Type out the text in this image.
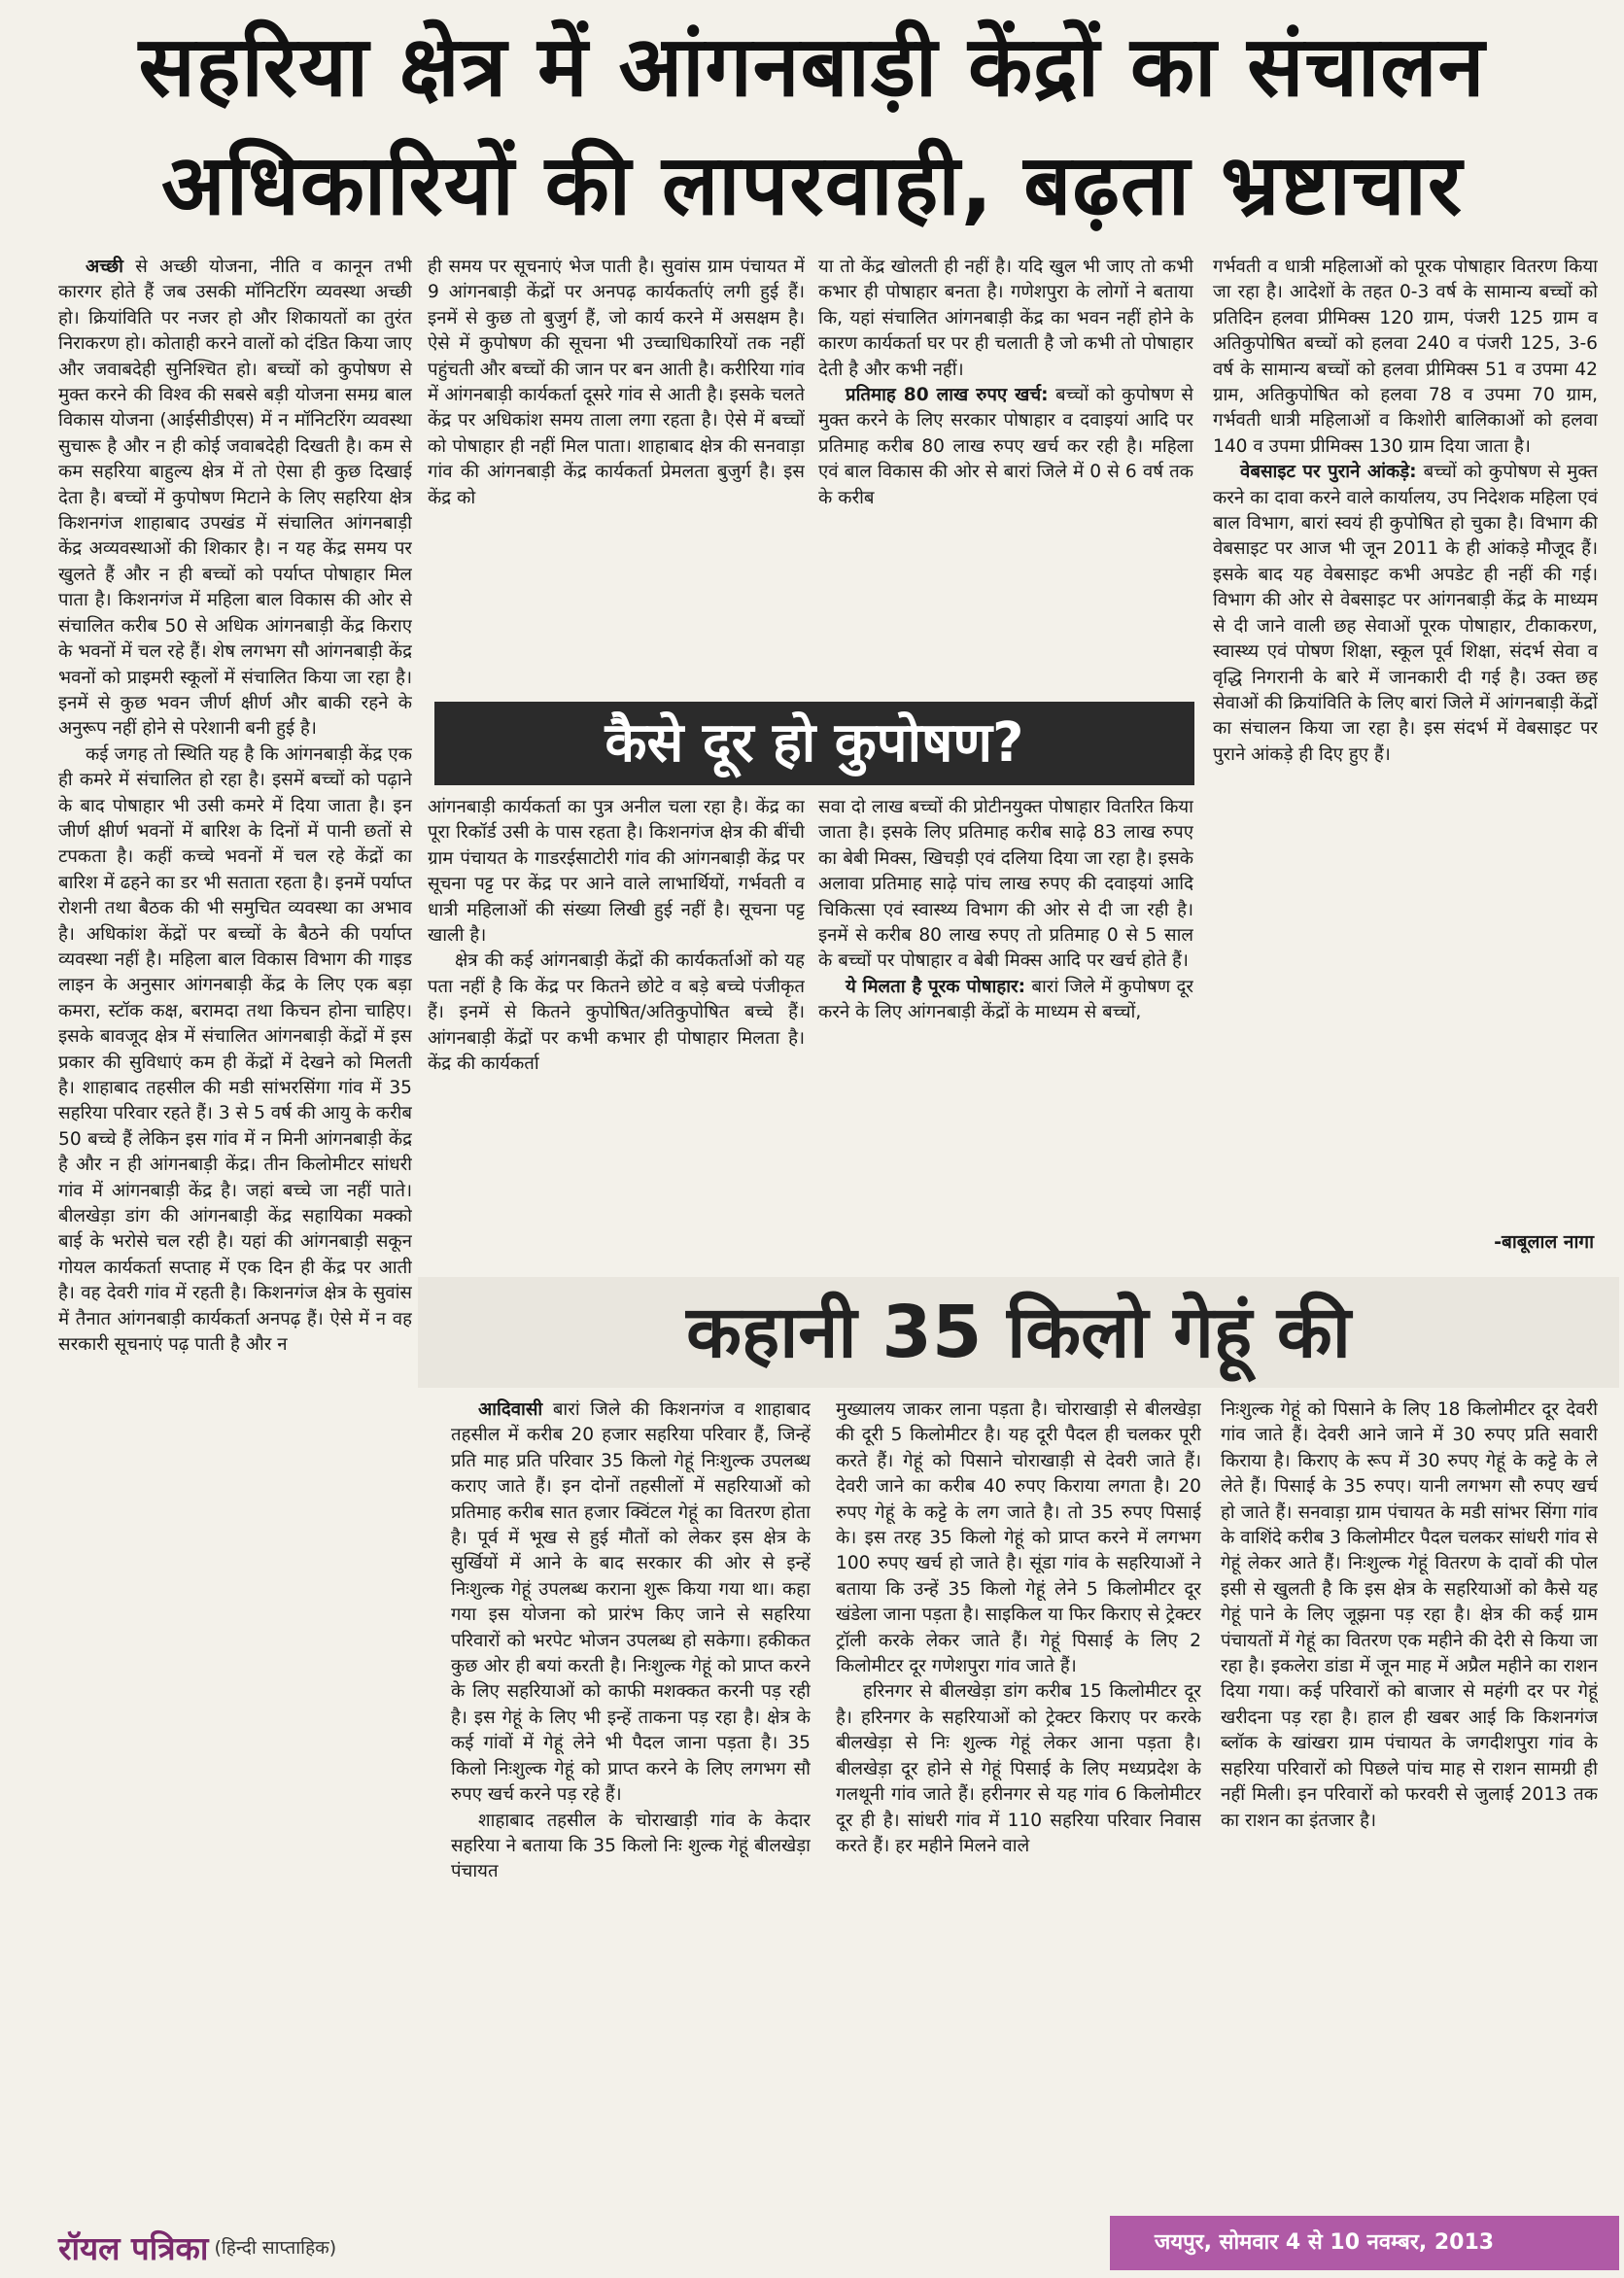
सहरिया क्षेत्र में आंगनबाड़ी केंद्रों का संचालन
अधिकारियों की लापरवाही, बढ़ता भ्रष्टाचार

अच्छी से अच्छी योजना, नीति व कानून तभी कारगर होते हैं जब उसकी मॉनिटरिंग व्यवस्था अच्छी हो। क्रियांविति पर नजर हो और शिकायतों का तुरंत निराकरण हो। कोताही करने वालों को दंडित किया जाए और जवाबदेही सुनिश्चित हो। बच्चों को कुपोषण से मुक्त करने की विश्व की सबसे बड़ी योजना समग्र बाल विकास योजना (आईसीडीएस) में न मॉनिटरिंग व्यवस्था सुचारू है और न ही कोई जवाबदेही दिखती है। कम से कम सहरिया बाहुल्य क्षेत्र में तो ऐसा ही कुछ दिखाई देता है। बच्चों में कुपोषण मिटाने के लिए सहरिया क्षेत्र किशनगंज शाहाबाद उपखंड में संचालित आंगनबाड़ी केंद्र अव्यवस्थाओं की शिकार है। न यह केंद्र समय पर खुलते हैं और न ही बच्चों को पर्याप्त पोषाहार मिल पाता है। किशनगंज में महिला बाल विकास की ओर से संचालित करीब 50 से अधिक आंगनबाड़ी केंद्र किराए के भवनों में चल रहे हैं। शेष लगभग सौ आंगनबाड़ी केंद्र भवनों को प्राइमरी स्कूलों में संचालित किया जा रहा है। इनमें से कुछ भवन जीर्ण क्षीर्ण और बाकी रहने के अनुरूप नहीं होने से परेशानी बनी हुई है।

कई जगह तो स्थिति यह है कि आंगनबाड़ी केंद्र एक ही कमरे में संचालित हो रहा है। इसमें बच्चों को पढ़ाने के बाद पोषाहार भी उसी कमरे में दिया जाता है। इन जीर्ण क्षीर्ण भवनों में बारिश के दिनों में पानी छतों से टपकता है। कहीं कच्चे भवनों में चल रहे केंद्रों का बारिश में ढहने का डर भी सताता रहता है। इनमें पर्याप्त रोशनी तथा बैठक की भी समुचित व्यवस्था का अभाव है। अधिकांश केंद्रों पर बच्चों के बैठने की पर्याप्त व्यवस्था नहीं है। महिला बाल विकास विभाग की गाइड लाइन के अनुसार आंगनबाड़ी केंद्र के लिए एक बड़ा कमरा, स्टॉक कक्ष, बरामदा तथा किचन होना चाहिए। इसके बावजूद क्षेत्र में संचालित आंगनबाड़ी केंद्रों में इस प्रकार की सुविधाएं कम ही केंद्रों में देखने को मिलती है। शाहाबाद तहसील की मडी सांभरसिंगा गांव में 35 सहरिया परिवार रहते हैं। 3 से 5 वर्ष की आयु के करीब 50 बच्चे हैं लेकिन इस गांव में न मिनी आंगनबाड़ी केंद्र है और न ही आंगनबाड़ी केंद्र। तीन किलोमीटर सांधरी गांव में आंगनबाड़ी केंद्र है। जहां बच्चे जा नहीं पाते। बीलखेड़ा डांग की आंगनबाड़ी केंद्र सहायिका मक्को बाई के भरोसे चल रही है। यहां की आंगनबाड़ी सकून गोयल कार्यकर्ता सप्ताह में एक दिन ही केंद्र पर आती है। वह देवरी गांव में रहती है। किशनगंज क्षेत्र के सुवांस में तैनात आंगनबाड़ी कार्यकर्ता अनपढ़ हैं। ऐसे में न वह सरकारी सूचनाएं पढ़ पाती है और न

ही समय पर सूचनाएं भेज पाती है। सुवांस ग्राम पंचायत में 9 आंगनबाड़ी केंद्रों पर अनपढ़ कार्यकर्ताएं लगी हुई हैं। इनमें से कुछ तो बुजुर्ग हैं, जो कार्य करने में असक्षम है। ऐसे में कुपोषण की सूचना भी उच्चाधिकारियों तक नहीं पहुंचती और बच्चों की जान पर बन आती है। करीरिया गांव में आंगनबाड़ी कार्यकर्ता दूसरे गांव से आती है। इसके चलते केंद्र पर अधिकांश समय ताला लगा रहता है। ऐसे में बच्चों को पोषाहार ही नहीं मिल पाता। शाहाबाद क्षेत्र की सनवाड़ा गांव की आंगनबाड़ी केंद्र कार्यकर्ता प्रेमलता बुजुर्ग है। इस केंद्र को

या तो केंद्र खोलती ही नहीं है। यदि खुल भी जाए तो कभी कभार ही पोषाहार बनता है। गणेशपुरा के लोगों ने बताया कि, यहां संचालित आंगनबाड़ी केंद्र का भवन नहीं होने के कारण कार्यकर्ता घर पर ही चलाती है जो कभी तो पोषाहार देती है और कभी नहीं।

प्रतिमाह 80 लाख रुपए खर्च: बच्चों को कुपोषण से मुक्त करने के लिए सरकार पोषाहार व दवाइयां आदि पर प्रतिमाह करीब 80 लाख रुपए खर्च कर रही है। महिला एवं बाल विकास की ओर से बारां जिले में 0 से 6 वर्ष तक के करीब

कैसे दूर हो कुपोषण?

आंगनबाड़ी कार्यकर्ता का पुत्र अनील चला रहा है। केंद्र का पूरा रिकॉर्ड उसी के पास रहता है। किशनगंज क्षेत्र की बींची ग्राम पंचायत के गाडरईसाटोरी गांव की आंगनबाड़ी केंद्र पर सूचना पट्ट पर केंद्र पर आने वाले लाभार्थियों, गर्भवती व धात्री महिलाओं की संख्या लिखी हुई नहीं है। सूचना पट्ट खाली है।

क्षेत्र की कई आंगनबाड़ी केंद्रों की कार्यकर्ताओं को यह पता नहीं है कि केंद्र पर कितने छोटे व बड़े बच्चे पंजीकृत हैं। इनमें से कितने कुपोषित/अतिकुपोषित बच्चे हैं। आंगनबाड़ी केंद्रों पर कभी कभार ही पोषाहार मिलता है। केंद्र की कार्यकर्ता

सवा दो लाख बच्चों की प्रोटीनयुक्त पोषाहार वितरित किया जाता है। इसके लिए प्रतिमाह करीब साढ़े 83 लाख रुपए का बेबी मिक्स, खिचड़ी एवं दलिया दिया जा रहा है। इसके अलावा प्रतिमाह साढ़े पांच लाख रुपए की दवाइयां आदि चिकित्सा एवं स्वास्थ्य विभाग की ओर से दी जा रही है। इनमें से करीब 80 लाख रुपए तो प्रतिमाह 0 से 5 साल के बच्चों पर पोषाहार व बेबी मिक्स आदि पर खर्च होते हैं।

ये मिलता है पूरक पोषाहार: बारां जिले में कुपोषण दूर करने के लिए आंगनबाड़ी केंद्रों के माध्यम से बच्चों,

गर्भवती व धात्री महिलाओं को पूरक पोषाहार वितरण किया जा रहा है। आदेशों के तहत 0-3 वर्ष के सामान्य बच्चों को प्रतिदिन हलवा प्रीमिक्स 120 ग्राम, पंजरी 125 ग्राम व अतिकुपोषित बच्चों को हलवा 240 व पंजरी 125, 3-6 वर्ष के सामान्य बच्चों को हलवा प्रीमिक्स 51 व उपमा 42 ग्राम, अतिकुपोषित को हलवा 78 व उपमा 70 ग्राम, गर्भवती धात्री महिलाओं व किशोरी बालिकाओं को हलवा 140 व उपमा प्रीमिक्स 130 ग्राम दिया जाता है।

वेबसाइट पर पुराने आंकड़े: बच्चों को कुपोषण से मुक्त करने का दावा करने वाले कार्यालय, उप निदेशक महिला एवं बाल विभाग, बारां स्वयं ही कुपोषित हो चुका है। विभाग की वेबसाइट पर आज भी जून 2011 के ही आंकड़े मौजूद हैं। इसके बाद यह वेबसाइट कभी अपडेट ही नहीं की गई। विभाग की ओर से वेबसाइट पर आंगनबाड़ी केंद्र के माध्यम से दी जाने वाली छह सेवाओं पूरक पोषाहार, टीकाकरण, स्वास्थ्य एवं पोषण शिक्षा, स्कूल पूर्व शिक्षा, संदर्भ सेवा व वृद्धि निगरानी के बारे में जानकारी दी गई है। उक्त छह सेवाओं की क्रियांविति के लिए बारां जिले में आंगनबाड़ी केंद्रों का संचालन किया जा रहा है। इस संदर्भ में वेबसाइट पर पुराने आंकड़े ही दिए हुए हैं।

-बाबूलाल नागा
कहानी 35 किलो गेहूं की

आदिवासी बारां जिले की किशनगंज व शाहाबाद तहसील में करीब 20 हजार सहरिया परिवार हैं, जिन्हें प्रति माह प्रति परिवार 35 किलो गेहूं निःशुल्क उपलब्ध कराए जाते हैं। इन दोनों तहसीलों में सहरियाओं को प्रतिमाह करीब सात हजार क्विंटल गेहूं का वितरण होता है। पूर्व में भूख से हुई मौतों को लेकर इस क्षेत्र के सुर्खियों में आने के बाद सरकार की ओर से इन्हें निःशुल्क गेहूं उपलब्ध कराना शुरू किया गया था। कहा गया इस योजना को प्रारंभ किए जाने से सहरिया परिवारों को भरपेट भोजन उपलब्ध हो सकेगा। हकीकत कुछ ओर ही बयां करती है। निःशुल्क गेहूं को प्राप्त करने के लिए सहरियाओं को काफी मशक्कत करनी पड़ रही है। इस गेहूं के लिए भी इन्हें ताकना पड़ रहा है। क्षेत्र के कई गांवों में गेहूं लेने भी पैदल जाना पड़ता है। 35 किलो निःशुल्क गेहूं को प्राप्त करने के लिए लगभग सौ रुपए खर्च करने पड़ रहे हैं।

शाहाबाद तहसील के चोराखाड़ी गांव के केदार सहरिया ने बताया कि 35 किलो निः शुल्क गेहूं बीलखेड़ा पंचायत

मुख्यालय जाकर लाना पड़ता है। चोराखाड़ी से बीलखेड़ा की दूरी 5 किलोमीटर है। यह दूरी पैदल ही चलकर पूरी करते हैं। गेहूं को पिसाने चोराखाड़ी से देवरी जाते हैं। देवरी जाने का करीब 40 रुपए किराया लगता है। 20 रुपए गेहूं के कट्टे के लग जाते है। तो 35 रुपए पिसाई के। इस तरह 35 किलो गेहूं को प्राप्त करने में लगभग 100 रुपए खर्च हो जाते है। सूंडा गांव के सहरियाओं ने बताया कि उन्हें 35 किलो गेहूं लेने 5 किलोमीटर दूर खंडेला जाना पड़ता है। साइकिल या फिर किराए से ट्रेक्टर ट्रॉली करके लेकर जाते हैं। गेहूं पिसाई के लिए 2 किलोमीटर दूर गणेशपुरा गांव जाते हैं।

हरिनगर से बीलखेड़ा डांग करीब 15 किलोमीटर दूर है। हरिनगर के सहरियाओं को ट्रेक्टर किराए पर करके बीलखेड़ा से निः शुल्क गेहूं लेकर आना पड़ता है। बीलखेड़ा दूर होने से गेहूं पिसाई के लिए मध्यप्रदेश के गलथूनी गांव जाते हैं। हरीनगर से यह गांव 6 किलोमीटर दूर ही है। सांधरी गांव में 110 सहरिया परिवार निवास करते हैं। हर महीने मिलने वाले

निःशुल्क गेहूं को पिसाने के लिए 18 किलोमीटर दूर देवरी गांव जाते हैं। देवरी आने जाने में 30 रुपए प्रति सवारी किराया है। किराए के रूप में 30 रुपए गेहूं के कट्टे के ले लेते हैं। पिसाई के 35 रुपए। यानी लगभग सौ रुपए खर्च हो जाते हैं। सनवाड़ा ग्राम पंचायत के मडी सांभर सिंगा गांव के वाशिंदे करीब 3 किलोमीटर पैदल चलकर सांधरी गांव से गेहूं लेकर आते हैं। निःशुल्क गेहूं वितरण के दावों की पोल इसी से खुलती है कि इस क्षेत्र के सहरियाओं को कैसे यह गेहूं पाने के लिए जूझना पड़ रहा है। क्षेत्र की कई ग्राम पंचायतों में गेहूं का वितरण एक महीने की देरी से किया जा रहा है। इकलेरा डांडा में जून माह में अप्रैल महीने का राशन दिया गया। कई परिवारों को बाजार से महंगी दर पर गेहूं खरीदना पड़ रहा है। हाल ही खबर आई कि किशनगंज ब्लॉक के खांखरा ग्राम पंचायत के जगदीशपुरा गांव के सहरिया परिवारों को पिछले पांच माह से राशन सामग्री ही नहीं मिली। इन परिवारों को फरवरी से जुलाई 2013 तक का राशन का इंतजार है।

रॉयल पत्रिका (हिन्दी साप्ताहिक)	जयपुर, सोमवार 4 से 10 नवम्बर, 2013
